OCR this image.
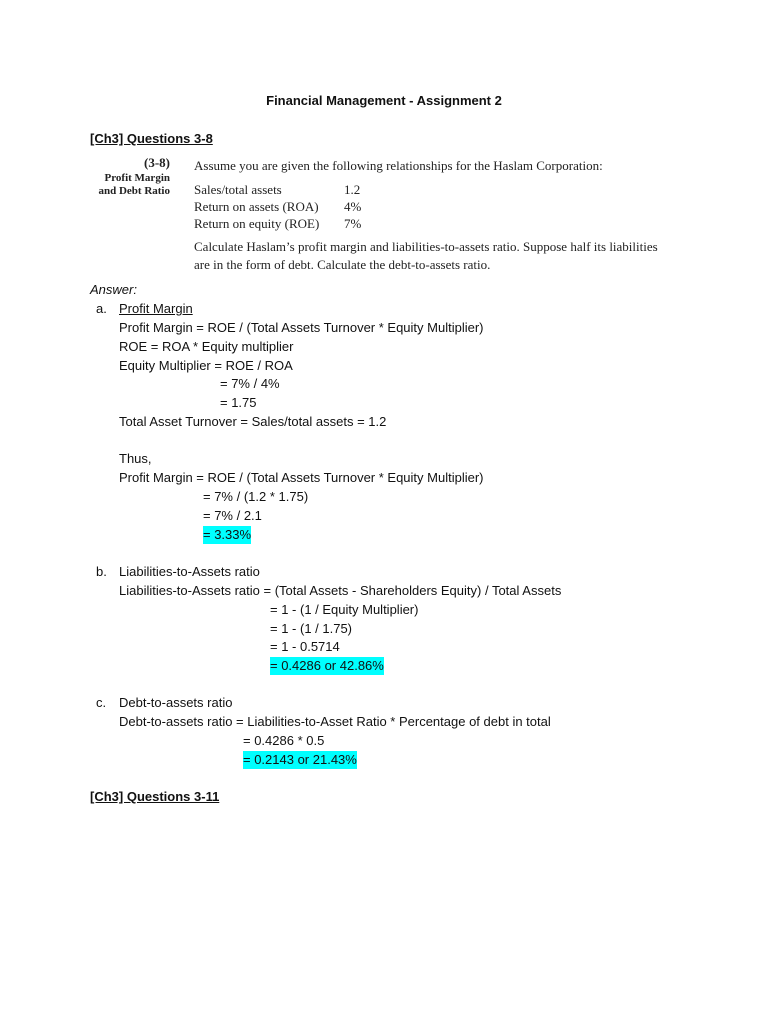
Financial Management - Assignment 2
[Ch3] Questions 3-8
(3-8)
Profit Margin
and Debt Ratio
Assume you are given the following relationships for the Haslam Corporation:
Sales/total assets	1.2
Return on assets (ROA) 4%
Return on equity (ROE) 7%
Calculate Haslam’s profit margin and liabilities-to-assets ratio. Suppose half its liabilities
are in the form of debt. Calculate the debt-to-assets ratio.
Answer:
a. Profit Margin
Profit Margin = ROE / (Total Assets Turnover * Equity Multiplier)
ROE = ROA * Equity multiplier
Equity Multiplier = ROE / ROA
= 7% / 4%
= 1.75
Total Asset Turnover = Sales/total assets = 1.2
Thus,
Profit Margin = ROE / (Total Assets Turnover * Equity Multiplier)
= 7% / (1.2 * 1.75)
= 7% / 2.1
= 3.33%
b. Liabilities-to-Assets ratio
Liabilities-to-Assets ratio = (Total Assets - Shareholders Equity) / Total Assets
= 1 - (1 / Equity Multiplier)
= 1 - (1 / 1.75)
= 1 - 0.5714
= 0.4286 or 42.86%
c. Debt-to-assets ratio
Debt-to-assets ratio = Liabilities-to-Asset Ratio * Percentage of debt in total
= 0.4286 * 0.5
= 0.2143 or 21.43%
[Ch3] Questions 3-11
